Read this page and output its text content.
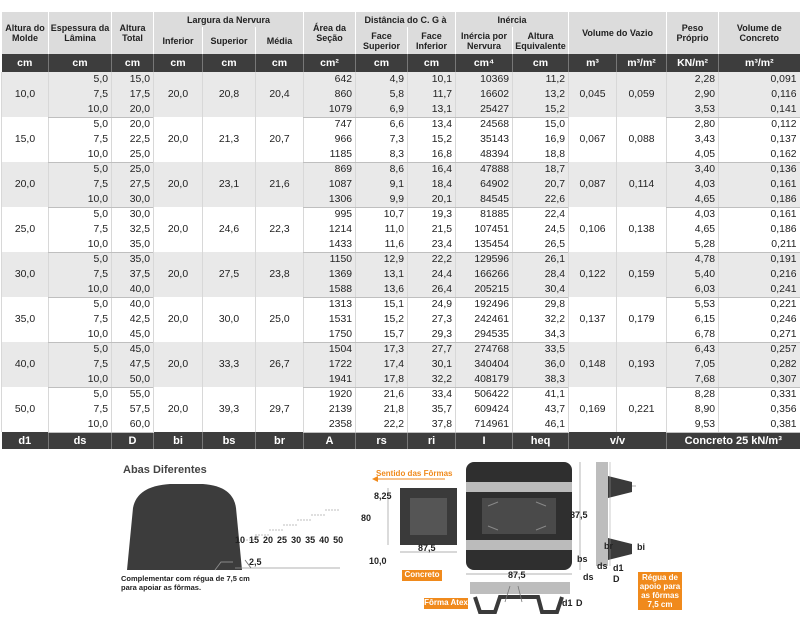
Altura do Molde	Espessura da Lâmina	Altura Total	Largura da Nervura			Área da Seção	Distância do C. G à		Inércia		Volume do Vazio		Peso Próprio	Volume de Concreto
			Inferior	Superior	Média		Face Superior	Face Inferior	Inércia por Nervura	Altura Equivalente				
cm	cm	cm	cm	cm	cm	cm²	cm	cm	cm⁴	cm	m³	m³/m²	KN/m²	m³/m²
10,0	5,0	15,0	20,0	20,8	20,4	642	4,9	10,1	10369	11,2	0,045	0,059	2,28	0,091
	7,5	17,5				860	5,8	11,7	16602	13,2			2,90	0,116
	10,0	20,0				1079	6,9	13,1	25427	15,2			3,53	0,141
15,0	5,0	20,0	20,0	21,3	20,7	747	6,6	13,4	24568	15,0	0,067	0,088	2,80	0,112
	7,5	22,5				966	7,3	15,2	35143	16,9			3,43	0,137
	10,0	25,0				1185	8,3	16,8	48394	18,8			4,05	0,162
20,0	5,0	25,0	20,0	23,1	21,6	869	8,6	16,4	47888	18,7	0,087	0,114	3,40	0,136
	7,5	27,5				1087	9,1	18,4	64902	20,7			4,03	0,161
	10,0	30,0				1306	9,9	20,1	84545	22,6			4,65	0,186
25,0	5,0	30,0	20,0	24,6	22,3	995	10,7	19,3	81885	22,4	0,106	0,138	4,03	0,161
	7,5	32,5				1214	11,0	21,5	107451	24,5			4,65	0,186
	10,0	35,0				1433	11,6	23,4	135454	26,5			5,28	0,211
30,0	5,0	35,0	20,0	27,5	23,8	1150	12,9	22,2	129596	26,1	0,122	0,159	4,78	0,191
	7,5	37,5				1369	13,1	24,4	166266	28,4			5,40	0,216
	10,0	40,0				1588	13,6	26,4	205215	30,4			6,03	0,241
35,0	5,0	40,0	20,0	30,0	25,0	1313	15,1	24,9	192496	29,8	0,137	0,179	5,53	0,221
	7,5	42,5				1531	15,2	27,3	242461	32,2			6,15	0,246
	10,0	45,0				1750	15,7	29,3	294535	34,3			6,78	0,271
40,0	5,0	45,0	20,0	33,3	26,7	1504	17,3	27,7	274768	33,5	0,148	0,193	6,43	0,257
	7,5	47,5				1722	17,4	30,1	340404	36,0			7,05	0,282
	10,0	50,0				1941	17,8	32,2	408179	38,3			7,68	0,307
50,0	5,0	55,0	20,0	39,3	29,7	1920	21,6	33,4	506422	41,1	0,169	0,221	8,28	0,331
	7,5	57,5				2139	21,8	35,7	609424	43,7			8,90	0,356
	10,0	60,0				2358	22,2	37,8	714961	46,1			9,53	0,381
d1	ds	D	bi	bs	br	A	rs	ri	I	heq	v/v		Concreto 25 kN/m³	
Abas Diferentes
10 15 20 25 30 35 40 50
2,5
Complementar com régua de 7,5 cm para apoiar as fôrmas.
Sentido das Fôrmas
8,25
80
87,5
10,0
87,5
87,5
Concreto
Fôrma Atex
Régua de apoio para as fôrmas 7,5 cm
bs
br	bi
ds d1
D
ds
d1 D
